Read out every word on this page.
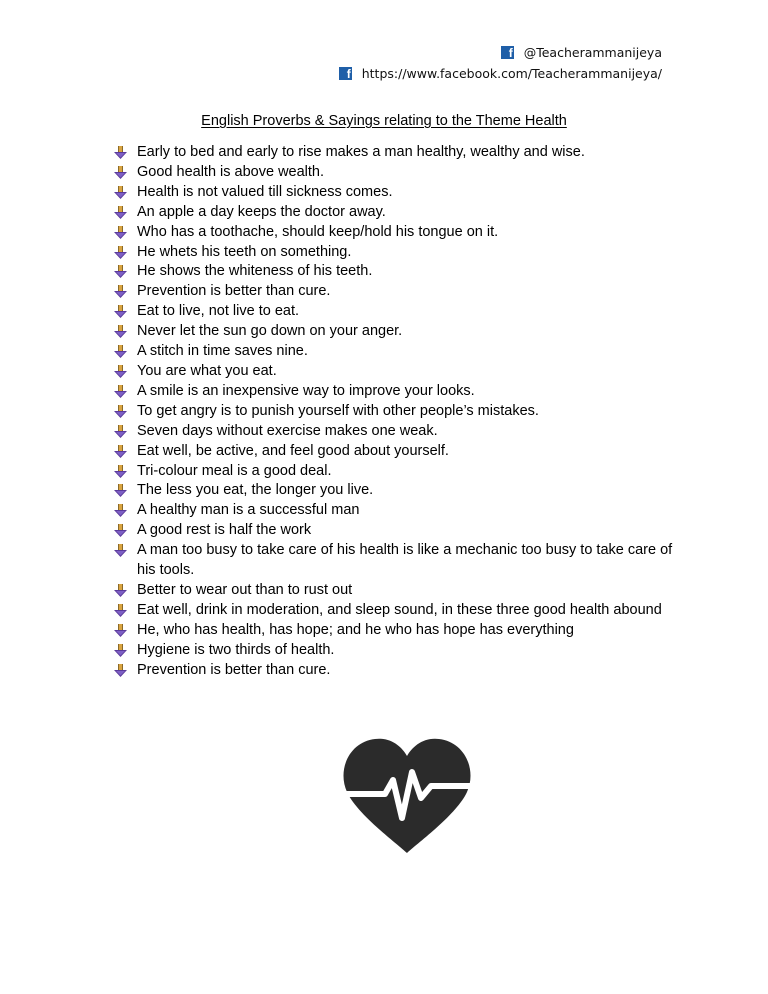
f @Teacherammanijeya
f https://www.facebook.com/Teacherammanijeya/
English Proverbs & Sayings relating to the Theme Health
Early to bed and early to rise makes a man healthy, wealthy and wise.
Good health is above wealth.
Health is not valued till sickness comes.
An apple a day keeps the doctor away.
Who has a toothache, should keep/hold his tongue on it.
He whets his teeth on something.
He shows the whiteness of his teeth.
Prevention is better than cure.
Eat to live, not live to eat.
Never let the sun go down on your anger.
A stitch in time saves nine.
You are what you eat.
A smile is an inexpensive way to improve your looks.
To get angry is to punish yourself with other people’s mistakes.
Seven days without exercise makes one weak.
Eat well, be active, and feel good about yourself.
Tri-colour meal is a good deal.
The less you eat, the longer you live.
A healthy man is a successful man
A good rest is half the work
A man too busy to take care of his health is like a mechanic too busy to take care of his tools.
Better to wear out than to rust out
Eat well, drink in moderation, and sleep sound, in these three good health abound
He, who has health, has hope; and he who has hope has everything
Hygiene is two thirds of health.
Prevention is better than cure.
